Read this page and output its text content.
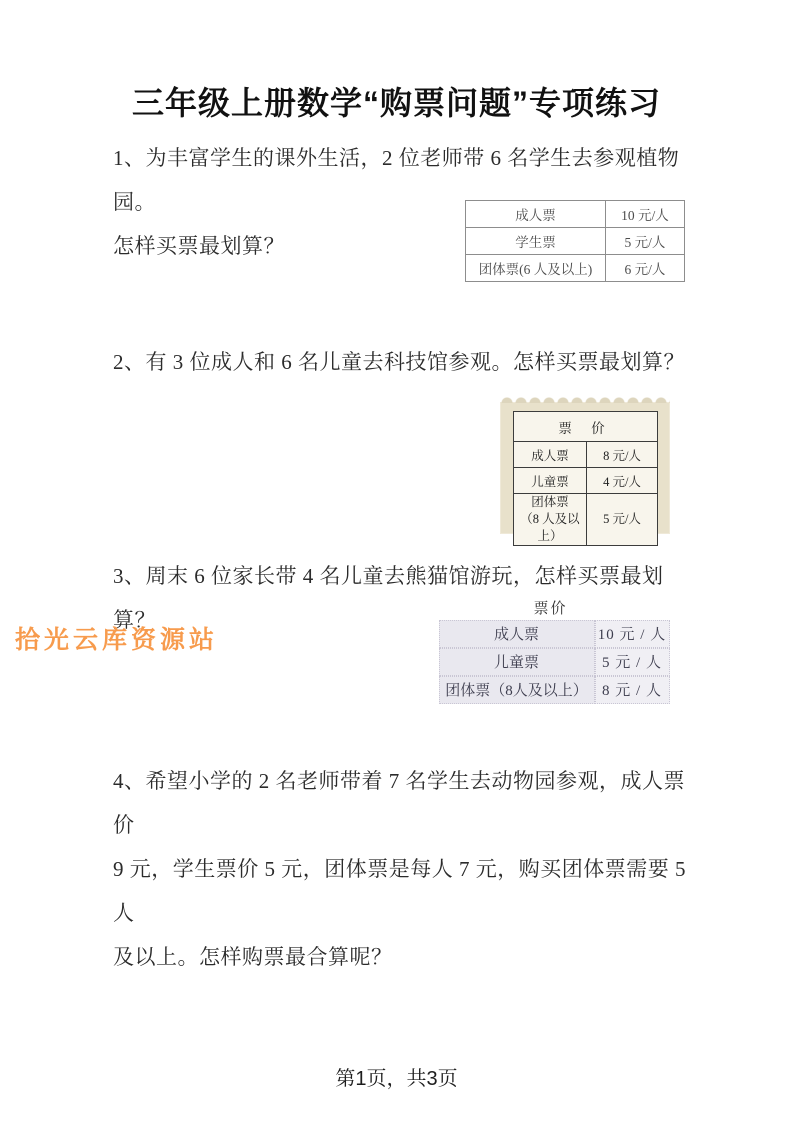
三年级上册数学“购票问题”专项练习
1、为丰富学生的课外生活，2 位老师带 6 名学生去参观植物园。
怎样买票最划算？
成人票	10 元/人
学生票	5 元/人
团体票(6 人及以上)	6 元/人
2、有 3 位成人和 6 名儿童去科技馆参观。怎样买票最划算？
票 价	
成人票	8 元/人
儿童票	4 元/人
团体票
（8 人及以上）	5 元/人
3、周末 6 位家长带 4 名儿童去熊猫馆游玩，怎样买票最划算？
拾光云库资源站
票价
成人票	10 元 / 人
儿童票	5 元 / 人
团体票（8人及以上）	8 元 / 人
4、希望小学的 2 名老师带着 7 名学生去动物园参观，成人票价
9 元，学生票价 5 元，团体票是每人 7 元，购买团体票需要 5 人
及以上。怎样购票最合算呢？
第1页，共3页
